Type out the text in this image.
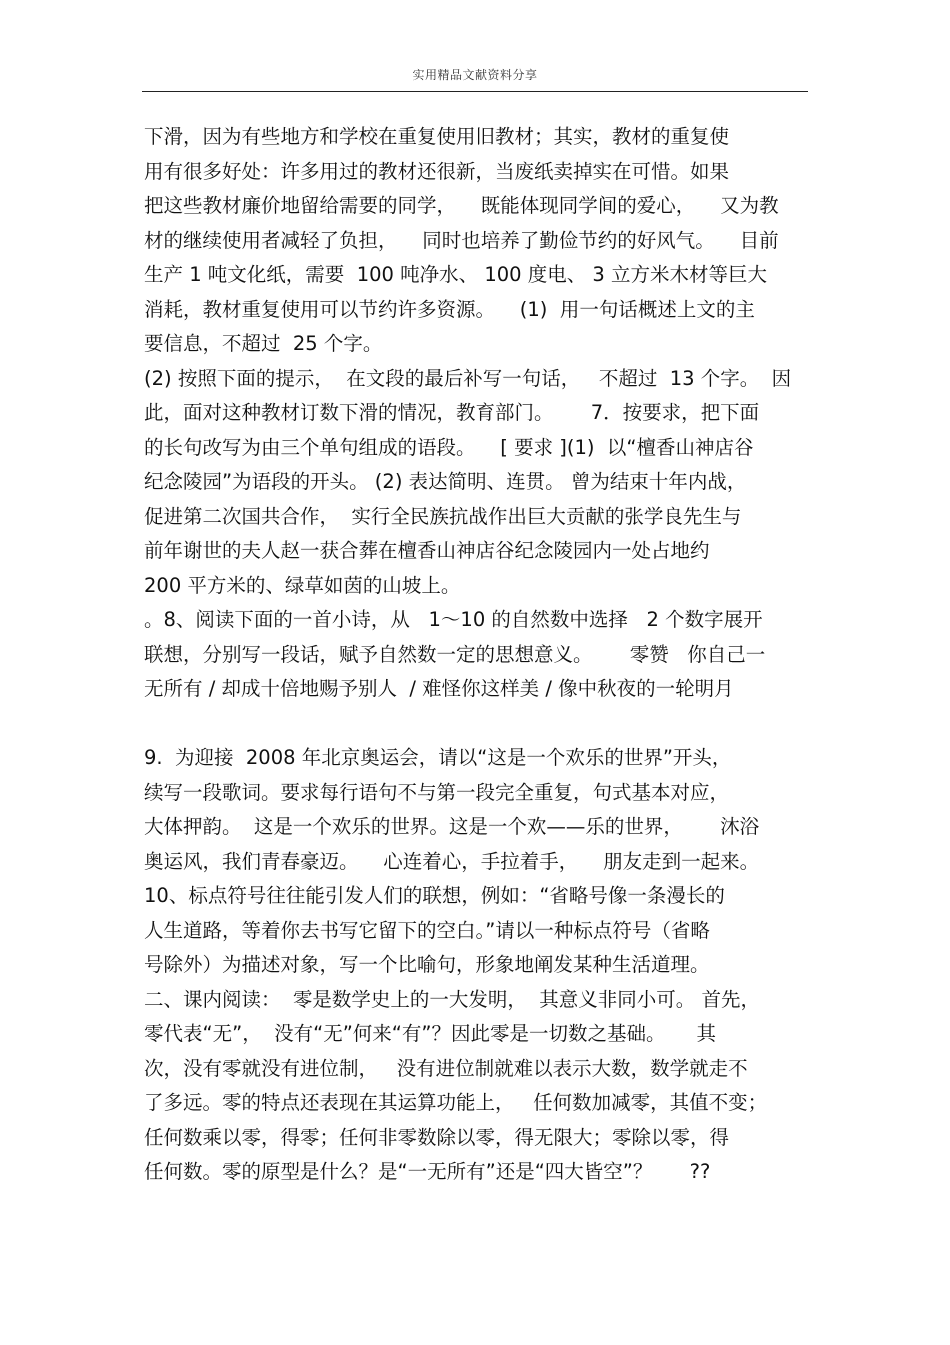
实用精品文献资料分享
下滑，因为有些地方和学校在重复使用旧教材；其实，教材的重复使
用有很多好处：许多用过的教材还很新，当废纸卖掉实在可惜。如果
把这些教材廉价地留给需要的同学，    既能体现同学间的爱心，    又为教
材的继续使用者减轻了负担，    同时也培养了勤俭节约的好风气。    目前
生产 1 吨文化纸，需要  100 吨净水、 100 度电、 3 立方米木材等巨大
消耗，教材重复使用可以节约许多资源。    (1)  用一句话概述上文的主
要信息，不超过  25 个字。
(2) 按照下面的提示，  在文段的最后补写一句话，   不超过  13 个字。  因
此，面对这种教材订数下滑的情况，教育部门。      7．按要求，把下面
的长句改写为由三个单句组成的语段。    [ 要求 ](1)  以“檀香山神店谷
纪念陵园”为语段的开头。 (2) 表达简明、连贯。 曾为结束十年内战，
促进第二次国共合作，  实行全民族抗战作出巨大贡献的张学良先生与
前年谢世的夫人赵一获合葬在檀香山神店谷纪念陵园内一处占地约
200 平方米的、绿草如茵的山坡上。
。8、阅读下面的一首小诗，从   1～10 的自然数中选择   2 个数字展开
联想，分别写一段话，赋予自然数一定的思想意义。      零赞   你自己一
无所有 / 却成十倍地赐予别人  / 难怪你这样美 / 像中秋夜的一轮明月
9.  为迎接  2008 年北京奥运会，请以“这是一个欢乐的世界”开头，
续写一段歌词。要求每行语句不与第一段完全重复，句式基本对应，
大体押韵。  这是一个欢乐的世界。这是一个欢——乐的世界，      沐浴
奥运风，我们青春豪迈。    心连着心，手拉着手，    朋友走到一起来。
10、标点符号往往能引发人们的联想，例如：“省略号像一条漫长的
人生道路，等着你去书写它留下的空白。”请以一种标点符号（省略
号除外）为描述对象，写一个比喻句，形象地阐发某种生活道理。
二、课内阅读：  零是数学史上的一大发明，  其意义非同小可。 首先，
零代表“无”，  没有“无”何来“有”？因此零是一切数之基础。     其
次，没有零就没有进位制，   没有进位制就难以表示大数，数学就走不
了多远。零的特点还表现在其运算功能上，   任何数加减零，其值不变；
任何数乘以零，得零；任何非零数除以零，得无限大；零除以零，得
任何数。零的原型是什么？是“一无所有”还是“四大皆空”？      ??
